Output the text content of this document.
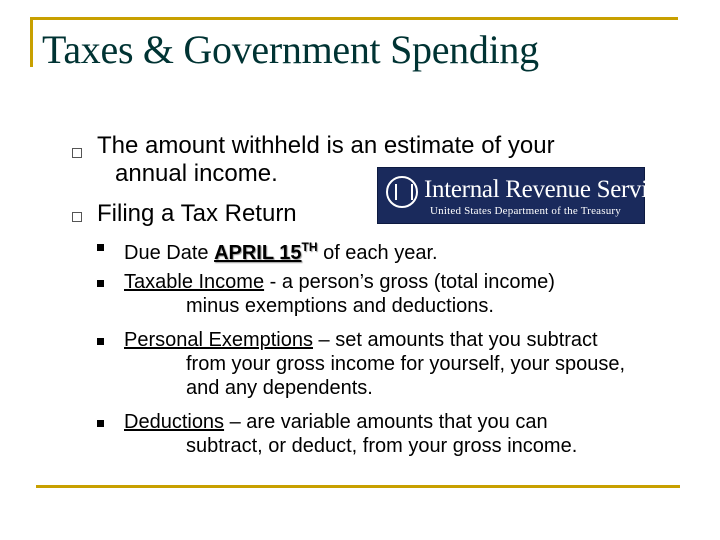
Taxes & Government Spending
The amount withheld is an estimate of your
annual income.
Filing a Tax Return
Internal Revenue Service
United States Department of the Treasury
Due Date APRIL 15TH of each year.
Taxable Income - a person’s gross (total income)
minus exemptions and deductions.
Personal Exemptions – set amounts that you subtract
from your gross income for yourself, your spouse,
and any dependents.
Deductions – are variable amounts that you can
subtract, or deduct, from your gross income.
